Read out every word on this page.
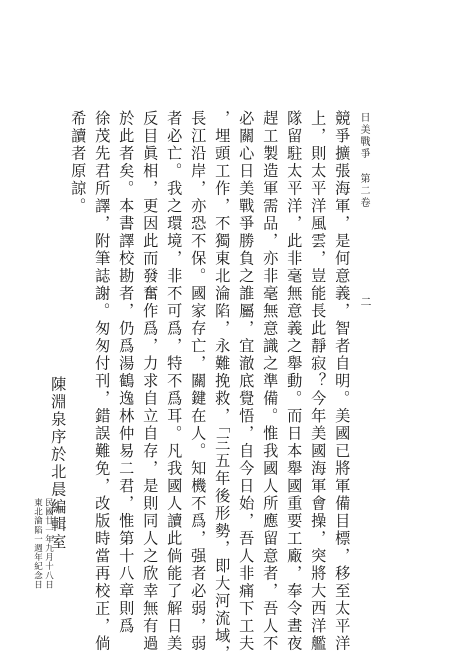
日美戰爭 第二卷
二
競爭擴張海軍，是何意義，智者自明。美國已將軍備目標，移至太平洋
上，則太平洋風雲，豈能長此靜寂？今年美國海軍會操，突將大西洋艦
隊留駐太平洋，此非毫無意義之舉動。而日本舉國重要工廠，奉令晝夜
趕工製造軍需品，亦非毫無意識之準備。惟我國人所應留意者，吾人不
必關心日美戰爭勝負之誰屬，宜澈底覺悟，自今日始，吾人非痛下工夫
，埋頭工作，不獨東北淪陷，永難挽救，「三五年後形勢，即大河流域，
長江沿岸，亦恐不保。國家存亡，關鍵在人。知機不爲，强者必弱，弱
者必亡。我之環境，非不可爲，特不爲耳。凡我國人讀此倘能了解日美
反目眞相，更因此而發奮作爲，力求自立自存，是則同人之欣幸無有過
於此者矣。本書譯校勘者，仍爲湯鶴逸林仲易二君，惟第十八章則爲
徐茂先君所譯，附筆誌謝。匆匆付刊，錯誤難免，改版時當再校正，倘
希讀者原諒。
陳淵泉序於北晨編輯室
民國廿一年九月十八日
東北淪陷一週年紀念日
